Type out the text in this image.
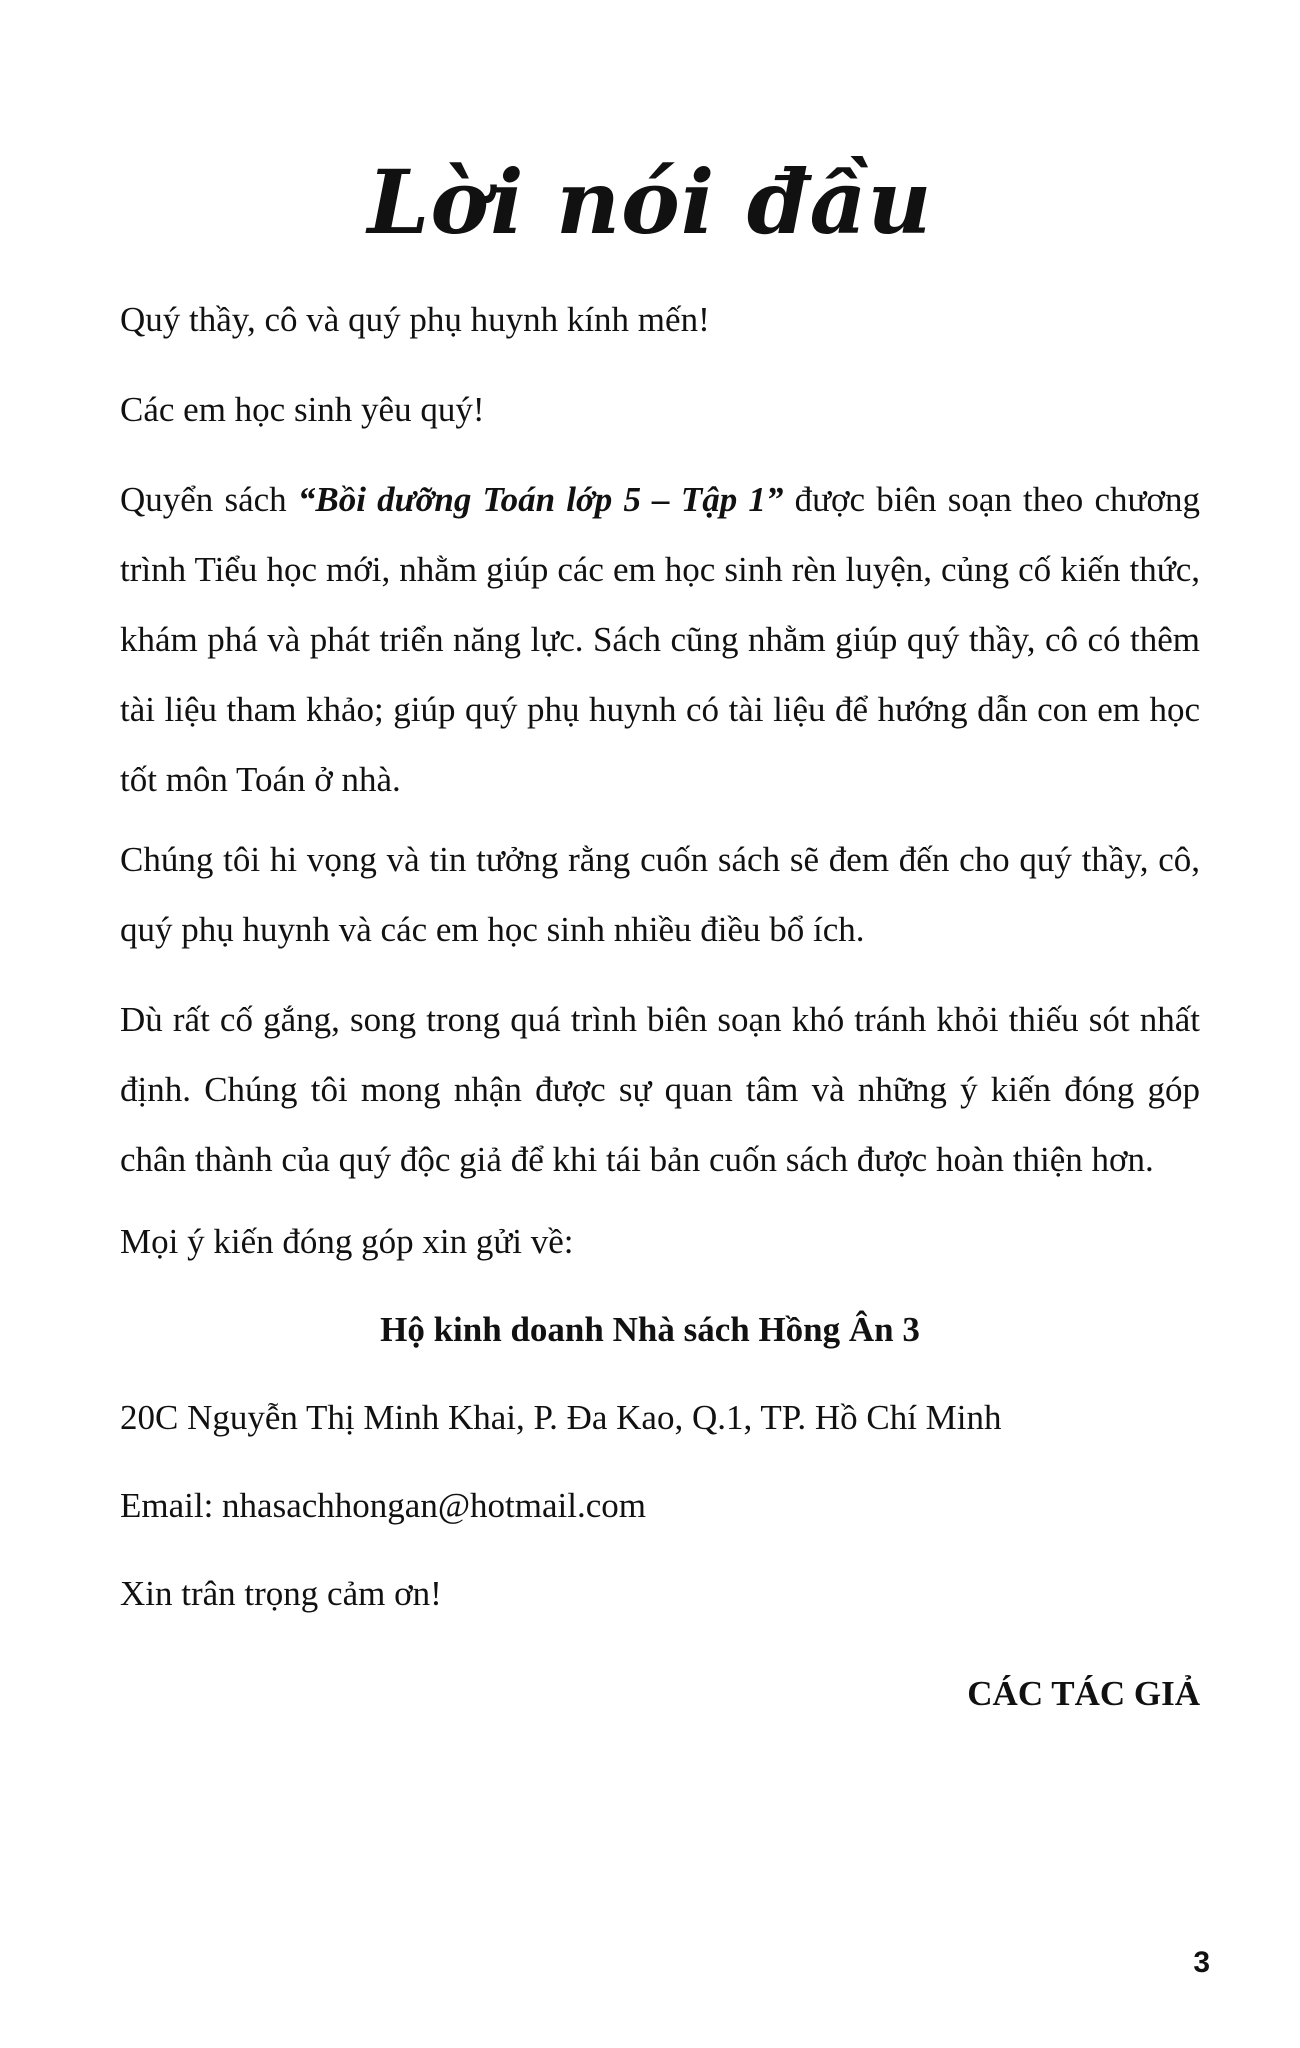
Lời nói đầu
Quý thầy, cô và quý phụ huynh kính mến!
Các em học sinh yêu quý!
Quyển sách “Bồi dưỡng Toán lớp 5 – Tập 1” được biên soạn theo chương trình Tiểu học mới, nhằm giúp các em học sinh rèn luyện, củng cố kiến thức, khám phá và phát triển năng lực. Sách cũng nhằm giúp quý thầy, cô có thêm tài liệu tham khảo; giúp quý phụ huynh có tài liệu để hướng dẫn con em học tốt môn Toán ở nhà.
Chúng tôi hi vọng và tin tưởng rằng cuốn sách sẽ đem đến cho quý thầy, cô, quý phụ huynh và các em học sinh nhiều điều bổ ích.
Dù rất cố gắng, song trong quá trình biên soạn khó tránh khỏi thiếu sót nhất định. Chúng tôi mong nhận được sự quan tâm và những ý kiến đóng góp chân thành của quý độc giả để khi tái bản cuốn sách được hoàn thiện hơn.
Mọi ý kiến đóng góp xin gửi về:
Hộ kinh doanh Nhà sách Hồng Ân 3
20C Nguyễn Thị Minh Khai, P. Đa Kao, Q.1, TP. Hồ Chí Minh
Email: nhasachhongan@hotmail.com
Xin trân trọng cảm ơn!
CÁC TÁC GIẢ
3
